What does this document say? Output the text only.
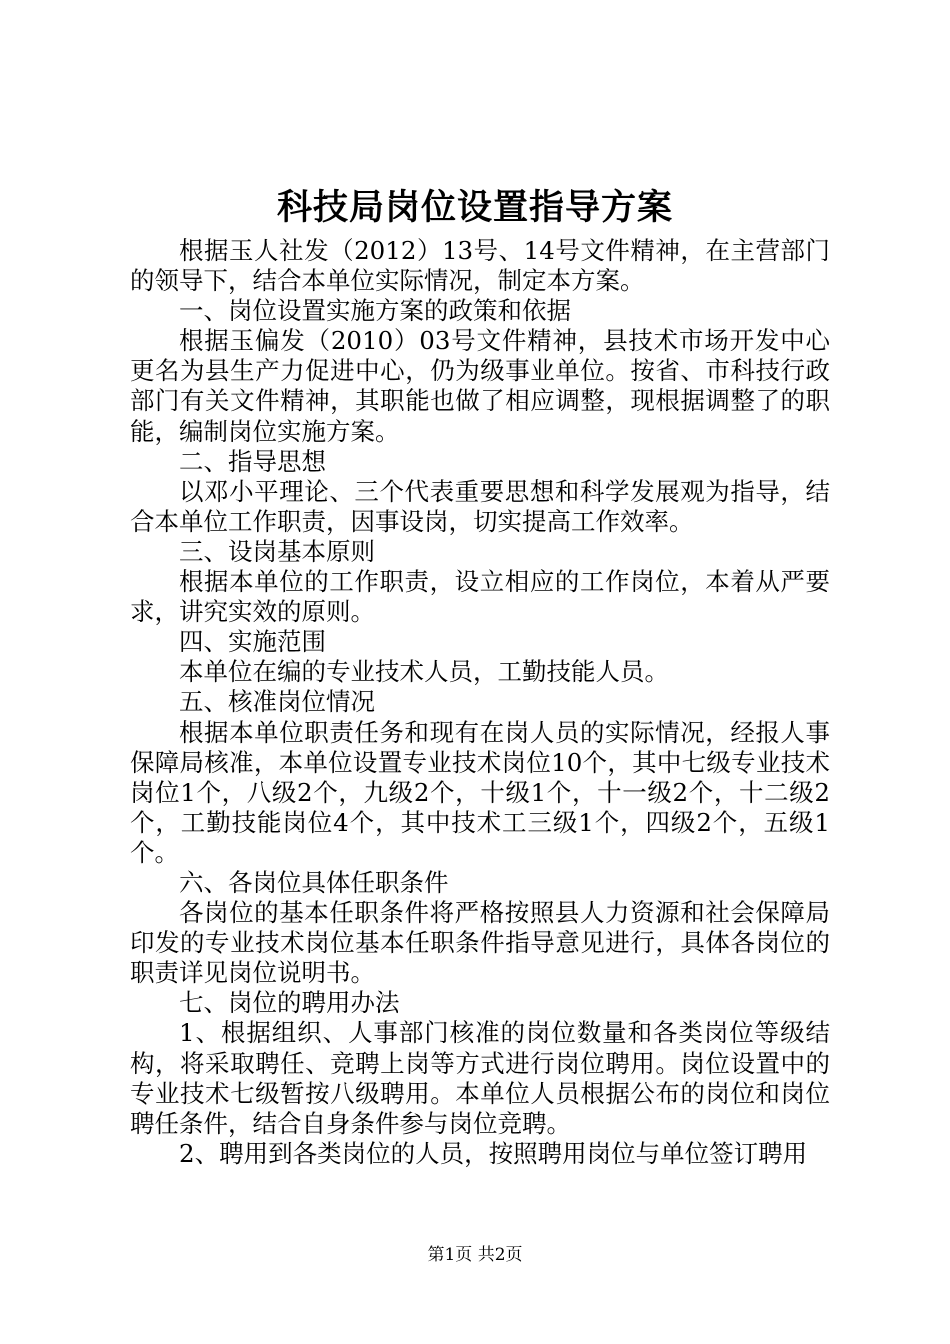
科技局岗位设置指导方案

根据玉人社发（2012）13号、14号文件精神，在主营部门的领导下，结合本单位实际情况，制定本方案。

一、岗位设置实施方案的政策和依据

根据玉偏发（2010）03号文件精神，县技术市场开发中心更名为县生产力促进中心，仍为级事业单位。按省、市科技行政部门有关文件精神，其职能也做了相应调整，现根据调整了的职能，编制岗位实施方案。

二、指导思想

以邓小平理论、三个代表重要思想和科学发展观为指导，结合本单位工作职责，因事设岗，切实提高工作效率。

三、设岗基本原则

根据本单位的工作职责，设立相应的工作岗位，本着从严要求，讲究实效的原则。

四、实施范围

本单位在编的专业技术人员，工勤技能人员。

五、核准岗位情况

根据本单位职责任务和现有在岗人员的实际情况，经报人事保障局核准，本单位设置专业技术岗位10个，其中七级专业技术岗位1个，八级2个，九级2个，十级1个，十一级2个，十二级2个，工勤技能岗位4个，其中技术工三级1个，四级2个，五级1个。

六、各岗位具体任职条件

各岗位的基本任职条件将严格按照县人力资源和社会保障局印发的专业技术岗位基本任职条件指导意见进行，具体各岗位的职责详见岗位说明书。

七、岗位的聘用办法

1、根据组织、人事部门核准的岗位数量和各类岗位等级结构，将采取聘任、竞聘上岗等方式进行岗位聘用。岗位设置中的专业技术七级暂按八级聘用。本单位人员根据公布的岗位和岗位聘任条件，结合自身条件参与岗位竞聘。

2、聘用到各类岗位的人员，按照聘用岗位与单位签订聘用

第1页 共2页
